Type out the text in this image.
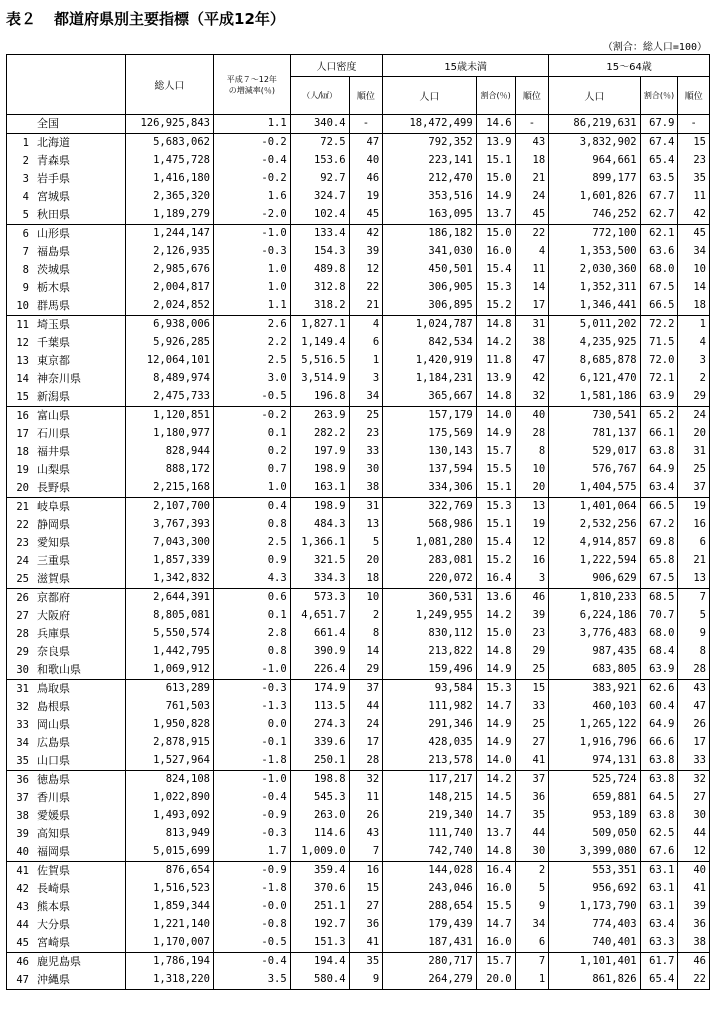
表２ 都道府県別主要指標（平成12年）
（割合：総人口=100）
	総人口	平成７～12年
の増減率(％)	人口密度		15歳未満			15～64歳		
			（人/㎢）	順位	人口	割合(％)	順位	人口	割合(％)	順位
全国	126,925,843	1.1	340.4	-	18,472,499	14.6	-	86,219,631	67.9	-
1 北海道	5,683,062	-0.2	72.5	47	792,352	13.9	43	3,832,902	67.4	15
2 青森県	1,475,728	-0.4	153.6	40	223,141	15.1	18	964,661	65.4	23
3 岩手県	1,416,180	-0.2	92.7	46	212,470	15.0	21	899,177	63.5	35
4 宮城県	2,365,320	1.6	324.7	19	353,516	14.9	24	1,601,826	67.7	11
5 秋田県	1,189,279	-2.0	102.4	45	163,095	13.7	45	746,252	62.7	42
6 山形県	1,244,147	-1.0	133.4	42	186,182	15.0	22	772,100	62.1	45
7 福島県	2,126,935	-0.3	154.3	39	341,030	16.0	4	1,353,500	63.6	34
8 茨城県	2,985,676	1.0	489.8	12	450,501	15.4	11	2,030,360	68.0	10
9 栃木県	2,004,817	1.0	312.8	22	306,905	15.3	14	1,352,311	67.5	14
10 群馬県	2,024,852	1.1	318.2	21	306,895	15.2	17	1,346,441	66.5	18
11 埼玉県	6,938,006	2.6	1,827.1	4	1,024,787	14.8	31	5,011,202	72.2	1
12 千葉県	5,926,285	2.2	1,149.4	6	842,534	14.2	38	4,235,925	71.5	4
13 東京都	12,064,101	2.5	5,516.5	1	1,420,919	11.8	47	8,685,878	72.0	3
14 神奈川県	8,489,974	3.0	3,514.9	3	1,184,231	13.9	42	6,121,470	72.1	2
15 新潟県	2,475,733	-0.5	196.8	34	365,667	14.8	32	1,581,186	63.9	29
16 富山県	1,120,851	-0.2	263.9	25	157,179	14.0	40	730,541	65.2	24
17 石川県	1,180,977	0.1	282.2	23	175,569	14.9	28	781,137	66.1	20
18 福井県	828,944	0.2	197.9	33	130,143	15.7	8	529,017	63.8	31
19 山梨県	888,172	0.7	198.9	30	137,594	15.5	10	576,767	64.9	25
20 長野県	2,215,168	1.0	163.1	38	334,306	15.1	20	1,404,575	63.4	37
21 岐阜県	2,107,700	0.4	198.9	31	322,769	15.3	13	1,401,064	66.5	19
22 静岡県	3,767,393	0.8	484.3	13	568,986	15.1	19	2,532,256	67.2	16
23 愛知県	7,043,300	2.5	1,366.1	5	1,081,280	15.4	12	4,914,857	69.8	6
24 三重県	1,857,339	0.9	321.5	20	283,081	15.2	16	1,222,594	65.8	21
25 滋賀県	1,342,832	4.3	334.3	18	220,072	16.4	3	906,629	67.5	13
26 京都府	2,644,391	0.6	573.3	10	360,531	13.6	46	1,810,233	68.5	7
27 大阪府	8,805,081	0.1	4,651.7	2	1,249,955	14.2	39	6,224,186	70.7	5
28 兵庫県	5,550,574	2.8	661.4	8	830,112	15.0	23	3,776,483	68.0	9
29 奈良県	1,442,795	0.8	390.9	14	213,822	14.8	29	987,435	68.4	8
30 和歌山県	1,069,912	-1.0	226.4	29	159,496	14.9	25	683,805	63.9	28
31 鳥取県	613,289	-0.3	174.9	37	93,584	15.3	15	383,921	62.6	43
32 島根県	761,503	-1.3	113.5	44	111,982	14.7	33	460,103	60.4	47
33 岡山県	1,950,828	0.0	274.3	24	291,346	14.9	25	1,265,122	64.9	26
34 広島県	2,878,915	-0.1	339.6	17	428,035	14.9	27	1,916,796	66.6	17
35 山口県	1,527,964	-1.8	250.1	28	213,578	14.0	41	974,131	63.8	33
36 徳島県	824,108	-1.0	198.8	32	117,217	14.2	37	525,724	63.8	32
37 香川県	1,022,890	-0.4	545.3	11	148,215	14.5	36	659,881	64.5	27
38 愛媛県	1,493,092	-0.9	263.0	26	219,340	14.7	35	953,189	63.8	30
39 高知県	813,949	-0.3	114.6	43	111,740	13.7	44	509,050	62.5	44
40 福岡県	5,015,699	1.7	1,009.0	7	742,740	14.8	30	3,399,080	67.6	12
41 佐賀県	876,654	-0.9	359.4	16	144,028	16.4	2	553,351	63.1	40
42 長崎県	1,516,523	-1.8	370.6	15	243,046	16.0	5	956,692	63.1	41
43 熊本県	1,859,344	-0.0	251.1	27	288,654	15.5	9	1,173,790	63.1	39
44 大分県	1,221,140	-0.8	192.7	36	179,439	14.7	34	774,403	63.4	36
45 宮崎県	1,170,007	-0.5	151.3	41	187,431	16.0	6	740,401	63.3	38
46 鹿児島県	1,786,194	-0.4	194.4	35	280,717	15.7	7	1,101,401	61.7	46
47 沖縄県	1,318,220	3.5	580.4	9	264,279	20.0	1	861,826	65.4	22
